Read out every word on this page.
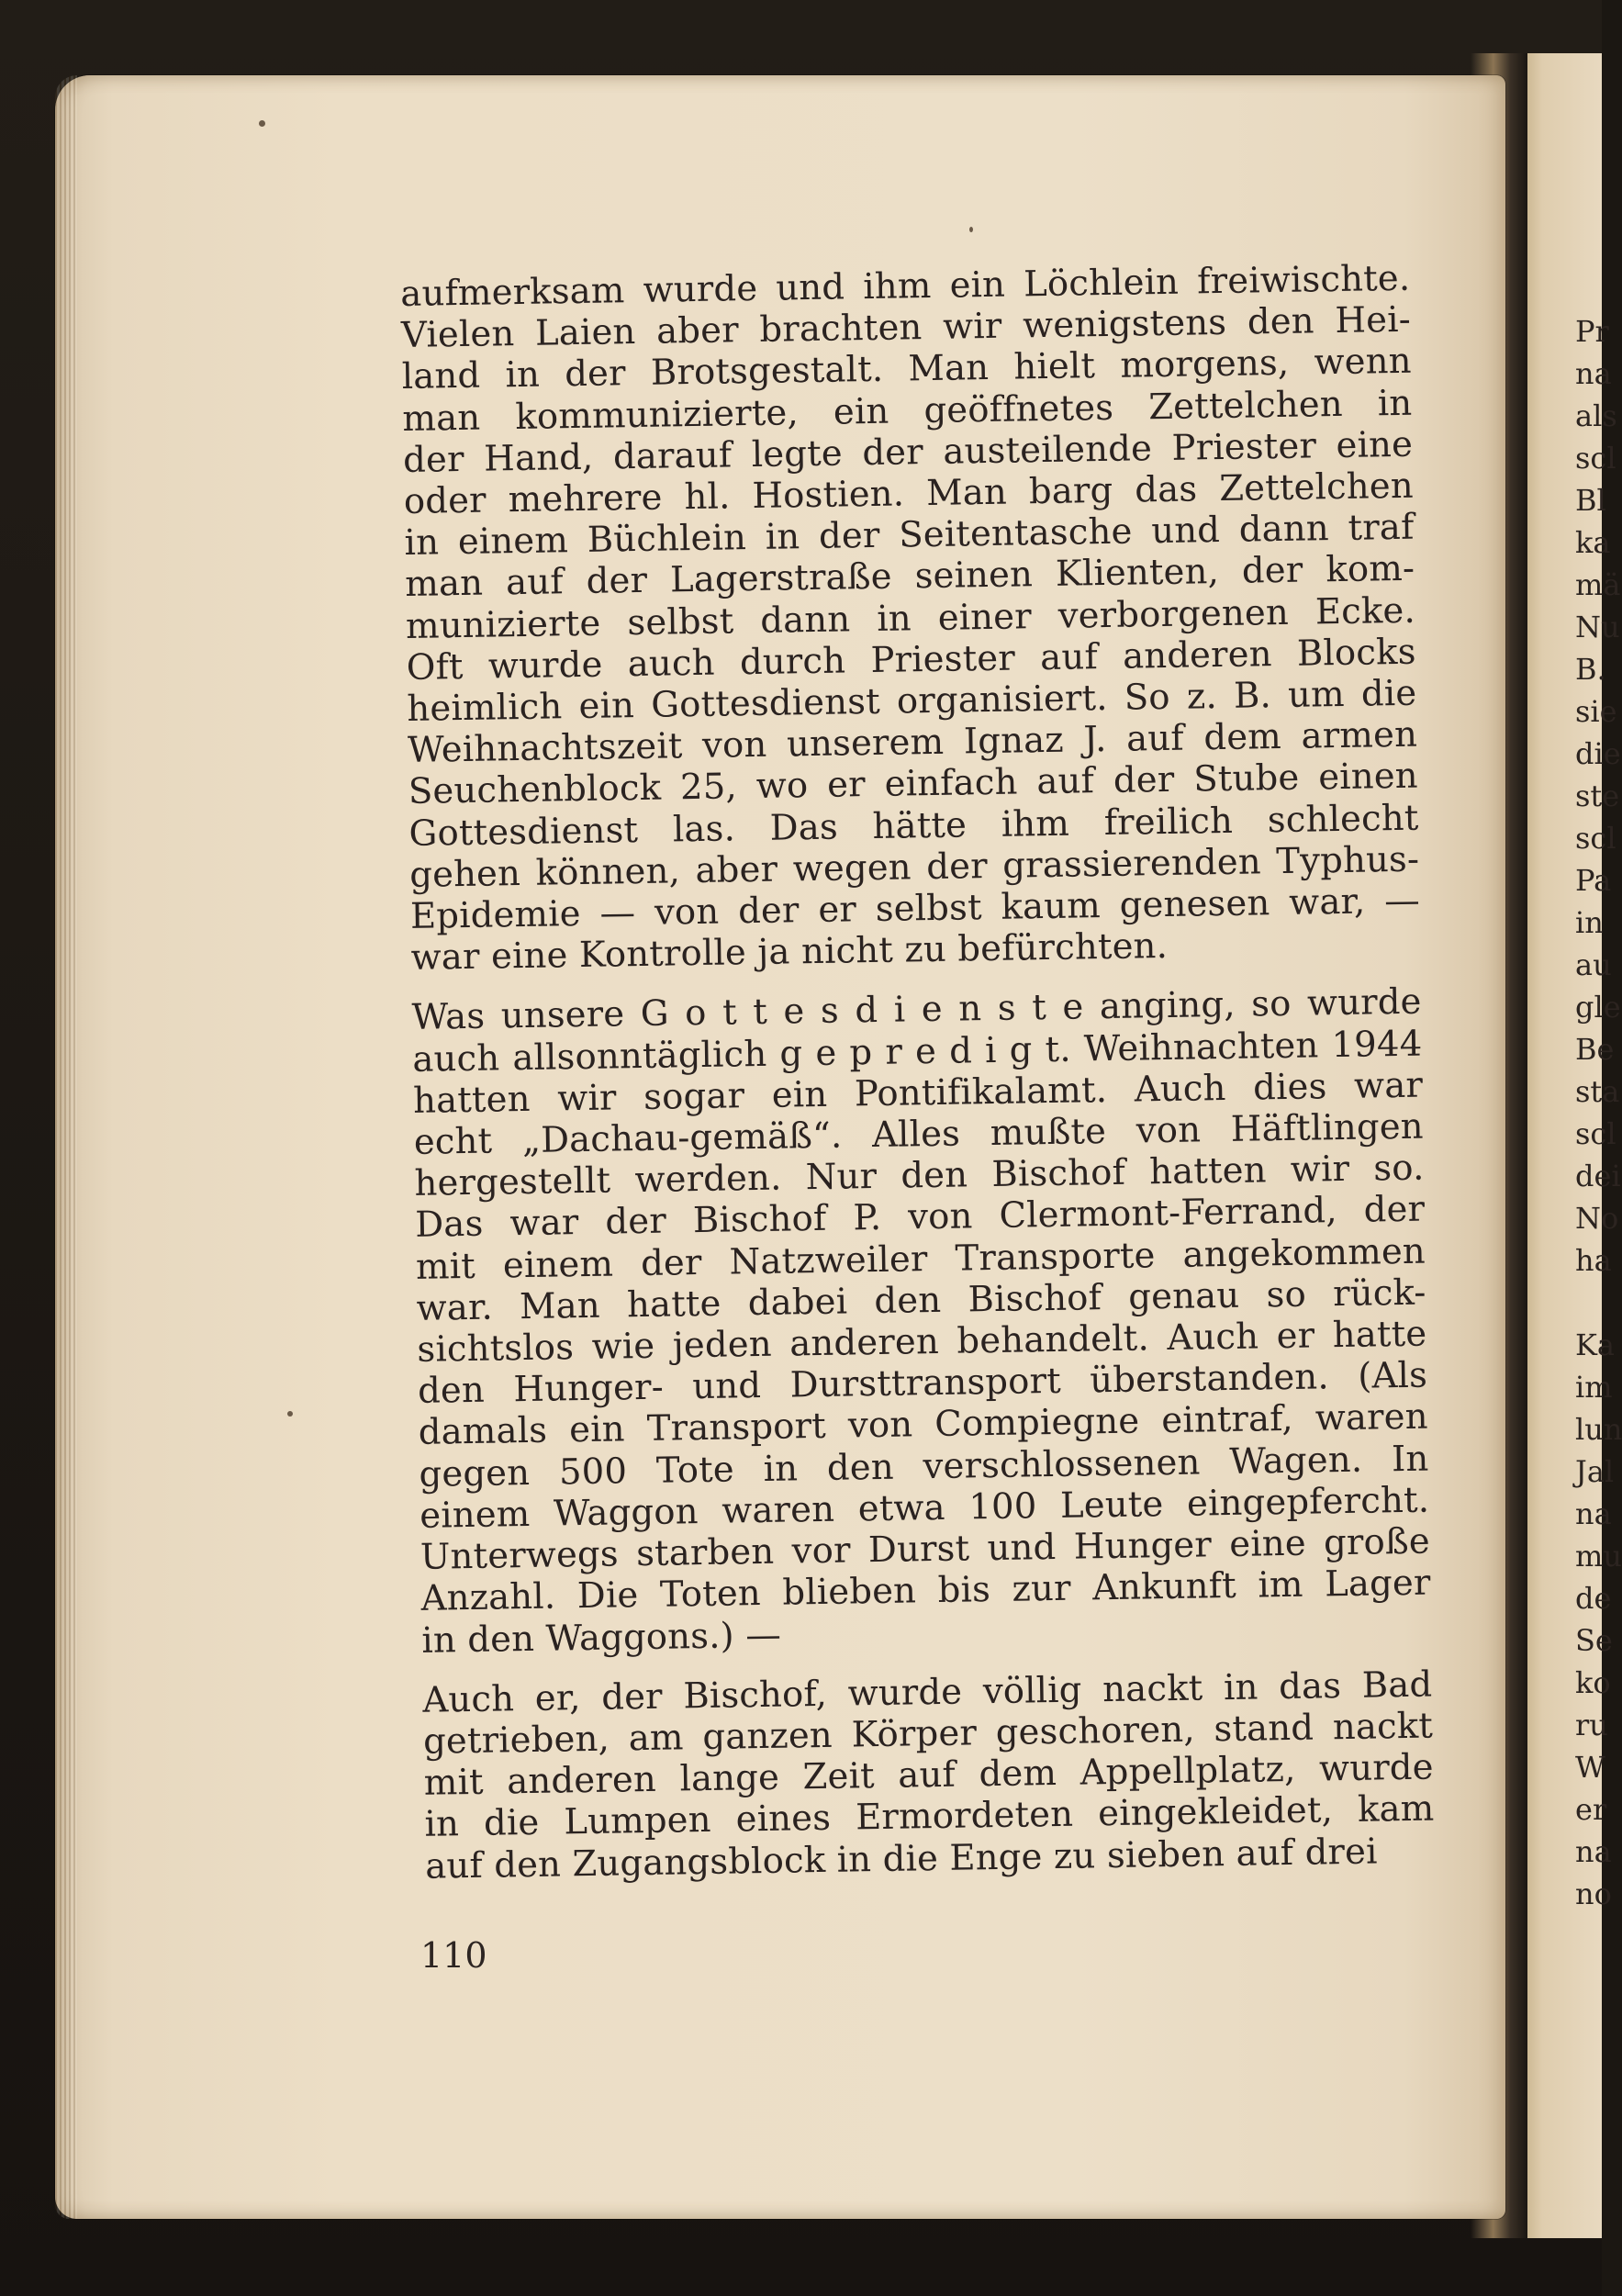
Pr
na
als
scl
Bl
ka
mä
Nu
B.
sie
die
ste
scl
Pa
in
au
gle
Be
sta
scl
dei
No
ha
Ka
im
lun
Jal
na
mu
de
Se
ko
ru
W
er
na
no

aufmerksam wurde und ihm ein Löchlein freiwischte.
Vielen Laien aber brachten wir wenigstens den Hei-
land in der Brotsgestalt. Man hielt morgens, wenn
man kommunizierte, ein geöffnetes Zettelchen in
der Hand, darauf legte der austeilende Priester eine
oder mehrere hl. Hostien. Man barg das Zettelchen
in einem Büchlein in der Seitentasche und dann traf
man auf der Lagerstraße seinen Klienten, der kom-
munizierte selbst dann in einer verborgenen Ecke.
Oft wurde auch durch Priester auf anderen Blocks
heimlich ein Gottesdienst organisiert. So z. B. um die
Weihnachtszeit von unserem Ignaz J. auf dem armen
Seuchenblock 25, wo er einfach auf der Stube einen
Gottesdienst las. Das hätte ihm freilich schlecht
gehen können, aber wegen der grassierenden Typhus-
Epidemie — von der er selbst kaum genesen war, —
war eine Kontrolle ja nicht zu befürchten.

Was unsere G o t t e s d i e n s t e anging, so wurde
auch allsonntäglich g e p r e d i g t. Weihnachten 1944
hatten wir sogar ein Pontifikalamt. Auch dies war
echt „Dachau-gemäß“. Alles mußte von Häftlingen
hergestellt werden. Nur den Bischof hatten wir so.
Das war der Bischof P. von Clermont-Ferrand, der
mit einem der Natzweiler Transporte angekommen
war. Man hatte dabei den Bischof genau so rück-
sichtslos wie jeden anderen behandelt. Auch er hatte
den Hunger- und Dursttransport überstanden. (Als
damals ein Transport von Compiegne eintraf, waren
gegen 500 Tote in den verschlossenen Wagen. In
einem Waggon waren etwa 100 Leute eingepfercht.
Unterwegs starben vor Durst und Hunger eine große
Anzahl. Die Toten blieben bis zur Ankunft im Lager
in den Waggons.) —

Auch er, der Bischof, wurde völlig nackt in das Bad
getrieben, am ganzen Körper geschoren, stand nackt
mit anderen lange Zeit auf dem Appellplatz, wurde
in die Lumpen eines Ermordeten eingekleidet, kam
auf den Zugangsblock in die Enge zu sieben auf drei

110
